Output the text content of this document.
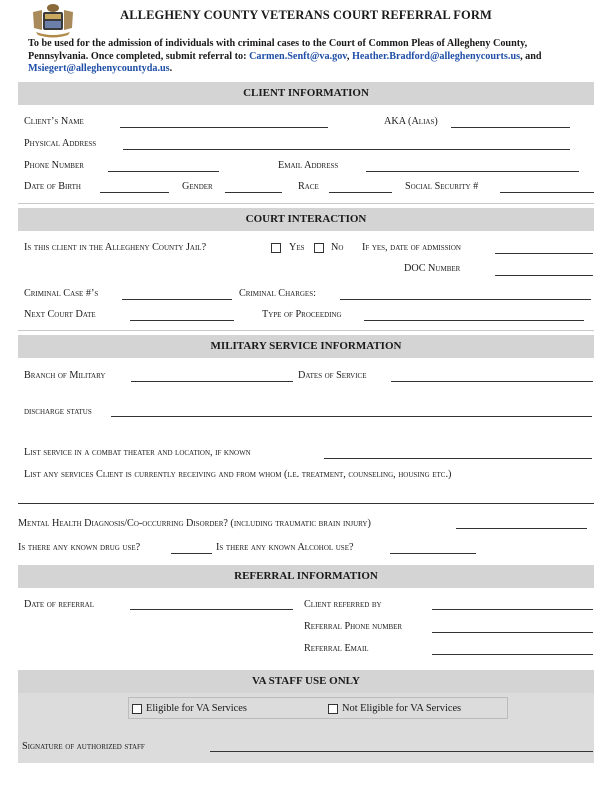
ALLEGHENY COUNTY VETERANS COURT REFERRAL FORM
To be used for the admission of individuals with criminal cases to the Court of Common Pleas of Allegheny County, Pennsylvania. Once completed, submit referral to: Carmen.Senft@va.gov, Heather.Bradford@alleghenycourts.us, and Msiegert@alleghenycountyda.us.
CLIENT INFORMATION
Client’s Name	AKA (Alias)
Physical Address
Phone Number	Email Address
Date of Birth	Gender	Race	Social Security #
COURT INTERACTION
Is this client in the Allegheny County Jail?	Yes	No If yes, date of admission
DOC Number
Criminal Case #’s	Criminal Charges:
Next Court Date	Type of Proceeding
MILITARY SERVICE INFORMATION
Branch of Military	Dates of Service
discharge status
List service in a combat theater and location, if known
List any services Client is currently receiving and from whom (i.e. treatment, counseling, housing etc.)
Mental Health Diagnosis/Co-occurring Disorder? (including traumatic brain injury)
Is there any known drug use?	Is there any known Alcohol use?
REFERRAL INFORMATION
Date of referral	Client referred by
Referral Phone number
Referral Email
VA STAFF USE ONLY
Eligible for VA Services	Not Eligible for VA Services
Signature of authorized staff
